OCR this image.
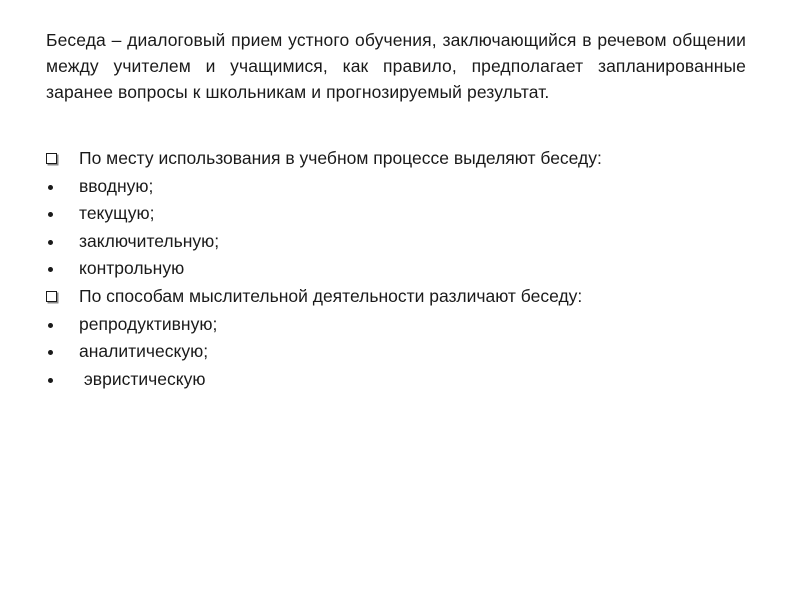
Беседа – диалоговый прием устного обучения, заключающийся в речевом общении между учителем и учащимися, как правило, предполагает запланированные заранее вопросы к школьникам и прогнозируемый результат.

По месту использования в учебном процессе выделяют беседу:
вводную;
текущую;
заключительную;
контрольную
По способам мыслительной деятельности различают беседу:
репродуктивную;
аналитическую;
эвристическую
